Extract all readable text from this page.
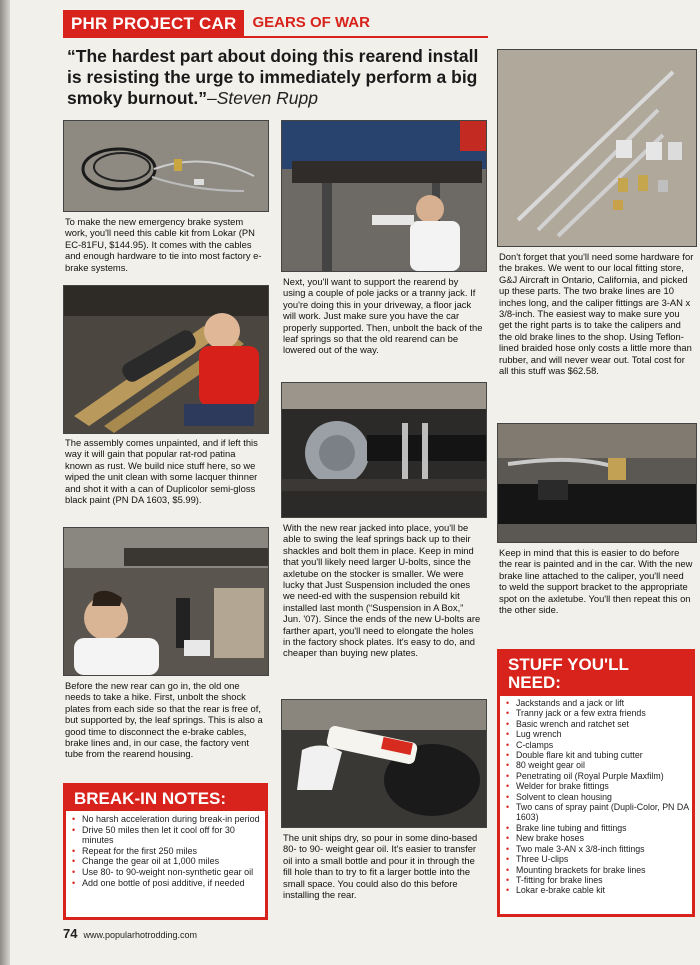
PHR PROJECT CAR	GEARS OF WAR
“The hardest part about doing this rearend install is resisting the urge to immediately perform a big smoky burnout.”–Steven Rupp
To make the new emergency brake system work, you'll need this cable kit from Lokar (PN EC-81FU, $144.95). It comes with the cables and enough hardware to tie into most factory e-brake systems.
The assembly comes unpainted, and if left this way it will gain that popular rat-rod patina known as rust. We build nice stuff here, so we wiped the unit clean with some lacquer thinner and shot it with a can of Duplicolor semi-gloss black paint (PN DA 1603, $5.99).
Before the new rear can go in, the old one needs to take a hike. First, unbolt the shock plates from each side so that the rear is free of, but supported by, the leaf springs. This is also a good time to disconnect the e-brake cables, brake lines and, in our case, the factory vent tube from the rearend housing.
BREAK-IN NOTES:
• No harsh acceleration during break-in period
• Drive 50 miles then let it cool off for 30 minutes
• Repeat for the first 250 miles
• Change the gear oil at 1,000 miles
• Use 80- to 90-weight non-synthetic gear oil
• Add one bottle of posi additive, if needed
Next, you'll want to support the rearend by using a couple of pole jacks or a tranny jack. If you're doing this in your driveway, a floor jack will work. Just make sure you have the car properly supported. Then, unbolt the back of the leaf springs so that the old rearend can be lowered out of the way.
With the new rear jacked into place, you'll be able to swing the leaf springs back up to their shackles and bolt them in place. Keep in mind that you'll likely need larger U-bolts, since the axletube on the stocker is smaller. We were lucky that Just Suspension included the ones we need-ed with the suspension rebuild kit installed last month (“Suspension in A Box,” Jun. '07). Since the ends of the new U-bolts are farther apart, you'll need to elongate the holes in the factory shock plates. It's easy to do, and cheaper than buying new plates.
The unit ships dry, so pour in some dino-based 80- to 90- weight gear oil. It's easier to transfer oil into a small bottle and pour it in through the fill hole than to try to fit a larger bottle into the small space. You could also do this before installing the rear.
Don't forget that you'll need some hardware for the brakes. We went to our local fitting store, G&J Aircraft in Ontario, California, and picked up these parts. The two brake lines are 10 inches long, and the caliper fittings are 3-AN x 3/8-inch. The easiest way to make sure you get the right parts is to take the calipers and the old brake lines to the shop. Using Teflon-lined braided hose only costs a little more than rubber, and will never wear out. Total cost for all this stuff was $62.58.
Keep in mind that this is easier to do before the rear is painted and in the car. With the new brake line attached to the caliper, you'll need to weld the support bracket to the appropriate spot on the axletube. You'll then repeat this on the other side.
STUFF YOU'LL NEED:
• Jackstands and a jack or lift
• Tranny jack or a few extra friends
• Basic wrench and ratchet set
• Lug wrench
• C-clamps
• Double flare kit and tubing cutter
• 80 weight gear oil
• Penetrating oil (Royal Purple Maxfilm)
• Welder for brake fittings
• Solvent to clean housing
• Two cans of spray paint (Dupli-Color, PN DA 1603)
• Brake line tubing and fittings
• New brake hoses
• Two male 3-AN x 3/8-inch fittings
• Three U-clips
• Mounting brackets for brake lines
• T-fitting for brake lines
• Lokar e-brake cable kit
74 www.popularhotrodding.com
